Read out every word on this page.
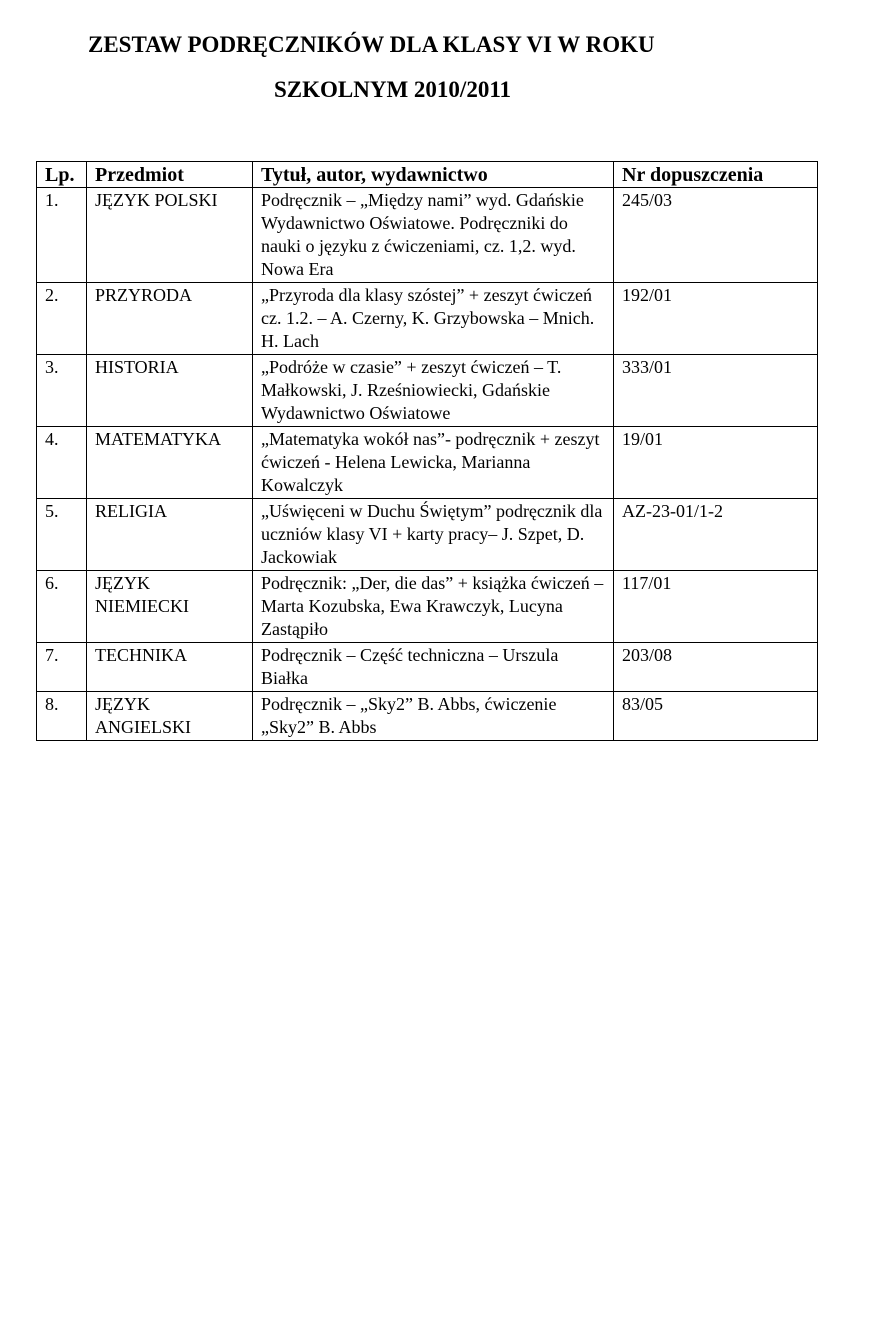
ZESTAW PODRĘCZNIKÓW DLA KLASY VI W ROKU
SZKOLNYM 2010/2011
Lp.	Przedmiot	Tytuł, autor, wydawnictwo	Nr dopuszczenia
1.	JĘZYK POLSKI	Podręcznik – „Między nami” wyd. Gdańskie Wydawnictwo Oświatowe. Podręczniki do nauki o języku z ćwiczeniami, cz. 1,2. wyd. Nowa Era	245/03
2.	PRZYRODA	„Przyroda dla klasy szóstej” + zeszyt ćwiczeń cz. 1.2. – A. Czerny, K. Grzybowska – Mnich. H. Lach	192/01
3.	HISTORIA	„Podróże w czasie” + zeszyt ćwiczeń – T. Małkowski, J. Rześniowiecki, Gdańskie Wydawnictwo Oświatowe	333/01
4.	MATEMATYKA	„Matematyka wokół nas”- podręcznik + zeszyt ćwiczeń - Helena Lewicka, Marianna Kowalczyk	19/01
5.	RELIGIA	„Uświęceni w Duchu Świętym” podręcznik dla uczniów klasy VI + karty pracy– J. Szpet, D. Jackowiak	AZ-23-01/1-2
6.	JĘZYK NIEMIECKI	Podręcznik: „Der, die das” + książka ćwiczeń – Marta Kozubska, Ewa Krawczyk, Lucyna Zastąpiło	117/01
7.	TECHNIKA	Podręcznik – Część techniczna – Urszula Białka	203/08
8.	JĘZYK ANGIELSKI	Podręcznik – „Sky2” B. Abbs, ćwiczenie „Sky2” B. Abbs	83/05
